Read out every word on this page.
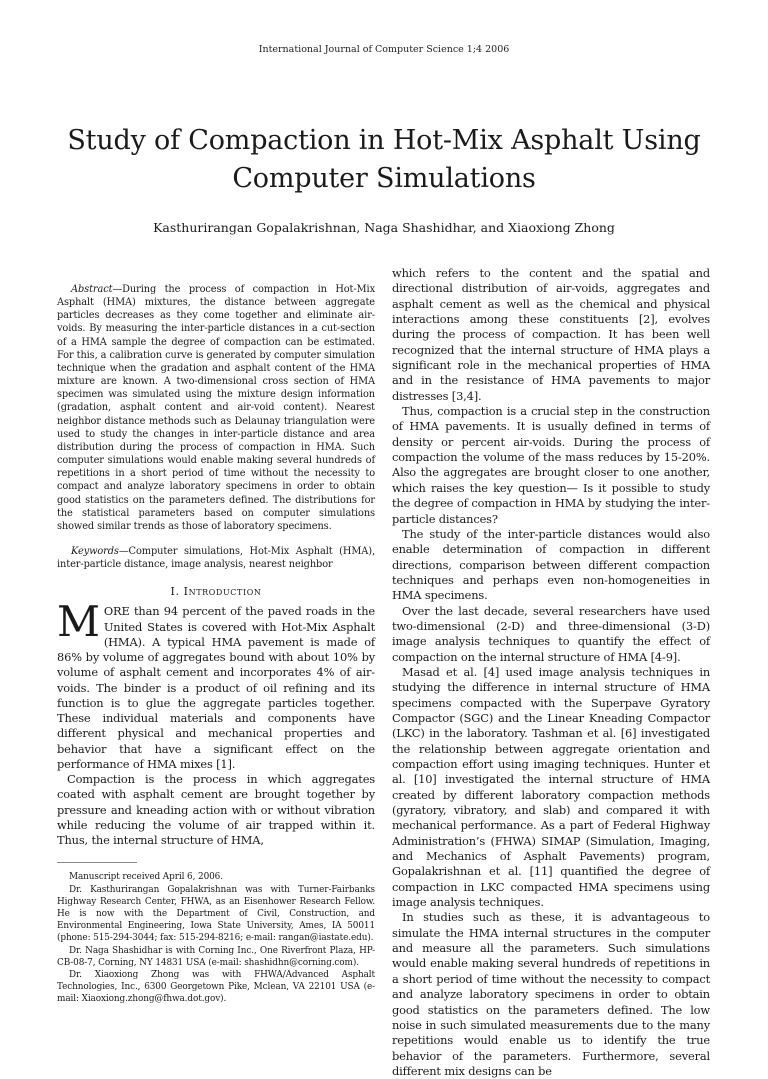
International Journal of Computer Science 1;4 2006
Study of Compaction in Hot-Mix Asphalt Using Computer Simulations
Kasthurirangan Gopalakrishnan, Naga Shashidhar, and Xiaoxiong Zhong

Abstract—During the process of compaction in Hot-Mix Asphalt (HMA) mixtures, the distance between aggregate particles decreases as they come together and eliminate air-voids. By measuring the inter-particle distances in a cut-section of a HMA sample the degree of compaction can be estimated. For this, a calibration curve is generated by computer simulation technique when the gradation and asphalt content of the HMA mixture are known. A two-dimensional cross section of HMA specimen was simulated using the mixture design information (gradation, asphalt content and air-void content). Nearest neighbor distance methods such as Delaunay triangulation were used to study the changes in inter-particle distance and area distribution during the process of compaction in HMA. Such computer simulations would enable making several hundreds of repetitions in a short period of time without the necessity to compact and analyze laboratory specimens in order to obtain good statistics on the parameters defined. The distributions for the statistical parameters based on computer simulations showed similar trends as those of laboratory specimens.

Keywords—Computer simulations, Hot-Mix Asphalt (HMA), inter-particle distance, image analysis, nearest neighbor

I. Introduction

MORE than 94 percent of the paved roads in the United States is covered with Hot-Mix Asphalt (HMA). A typical HMA pavement is made of 86% by volume of aggregates bound with about 10% by volume of asphalt cement and incorporates 4% of air-voids. The binder is a product of oil refining and its function is to glue the aggregate particles together. These individual materials and components have different physical and mechanical properties and behavior that have a significant effect on the performance of HMA mixes [1].

Compaction is the process in which aggregates coated with asphalt cement are brought together by pressure and kneading action with or without vibration while reducing the volume of air trapped within it. Thus, the internal structure of HMA,

Manuscript received April 6, 2006.

Dr. Kasthurirangan Gopalakrishnan was with Turner-Fairbanks Highway Research Center, FHWA, as an Eisenhower Research Fellow. He is now with the Department of Civil, Construction, and Environmental Engineering, Iowa State University, Ames, IA 50011 (phone: 515-294-3044; fax: 515-294-8216; e-mail: rangan@iastate.edu).

Dr. Naga Shashidhar is with Corning Inc., One Riverfront Plaza, HP-CB-08-7, Corning, NY 14831 USA (e-mail: shashidhn@corning.com).

Dr. Xiaoxiong Zhong was with FHWA/Advanced Asphalt Technologies, Inc., 6300 Georgetown Pike, Mclean, VA 22101 USA (e-mail: Xiaoxiong.zhong@fhwa.dot.gov).

which refers to the content and the spatial and directional distribution of air-voids, aggregates and asphalt cement as well as the chemical and physical interactions among these constituents [2], evolves during the process of compaction. It has been well recognized that the internal structure of HMA plays a significant role in the mechanical properties of HMA and in the resistance of HMA pavements to major distresses [3,4].

Thus, compaction is a crucial step in the construction of HMA pavements. It is usually defined in terms of density or percent air-voids. During the process of compaction the volume of the mass reduces by 15-20%. Also the aggregates are brought closer to one another, which raises the key question— Is it possible to study the degree of compaction in HMA by studying the inter-particle distances?

The study of the inter-particle distances would also enable determination of compaction in different directions, comparison between different compaction techniques and perhaps even non-homogeneities in HMA specimens.

Over the last decade, several researchers have used two-dimensional (2-D) and three-dimensional (3-D) image analysis techniques to quantify the effect of compaction on the internal structure of HMA [4-9].

Masad et al. [4] used image analysis techniques in studying the difference in internal structure of HMA specimens compacted with the Superpave Gyratory Compactor (SGC) and the Linear Kneading Compactor (LKC) in the laboratory. Tashman et al. [6] investigated the relationship between aggregate orientation and compaction effort using imaging techniques. Hunter et al. [10] investigated the internal structure of HMA created by different laboratory compaction methods (gyratory, vibratory, and slab) and compared it with mechanical performance. As a part of Federal Highway Administration’s (FHWA) SIMAP (Simulation, Imaging, and Mechanics of Asphalt Pavements) program, Gopalakrishnan et al. [11] quantified the degree of compaction in LKC compacted HMA specimens using image analysis techniques.

In studies such as these, it is advantageous to simulate the HMA internal structures in the computer and measure all the parameters. Such simulations would enable making several hundreds of repetitions in a short period of time without the necessity to compact and analyze laboratory specimens in order to obtain good statistics on the parameters defined. The low noise in such simulated measurements due to the many repetitions would enable us to identify the true behavior of the parameters. Furthermore, several different mix designs can be
